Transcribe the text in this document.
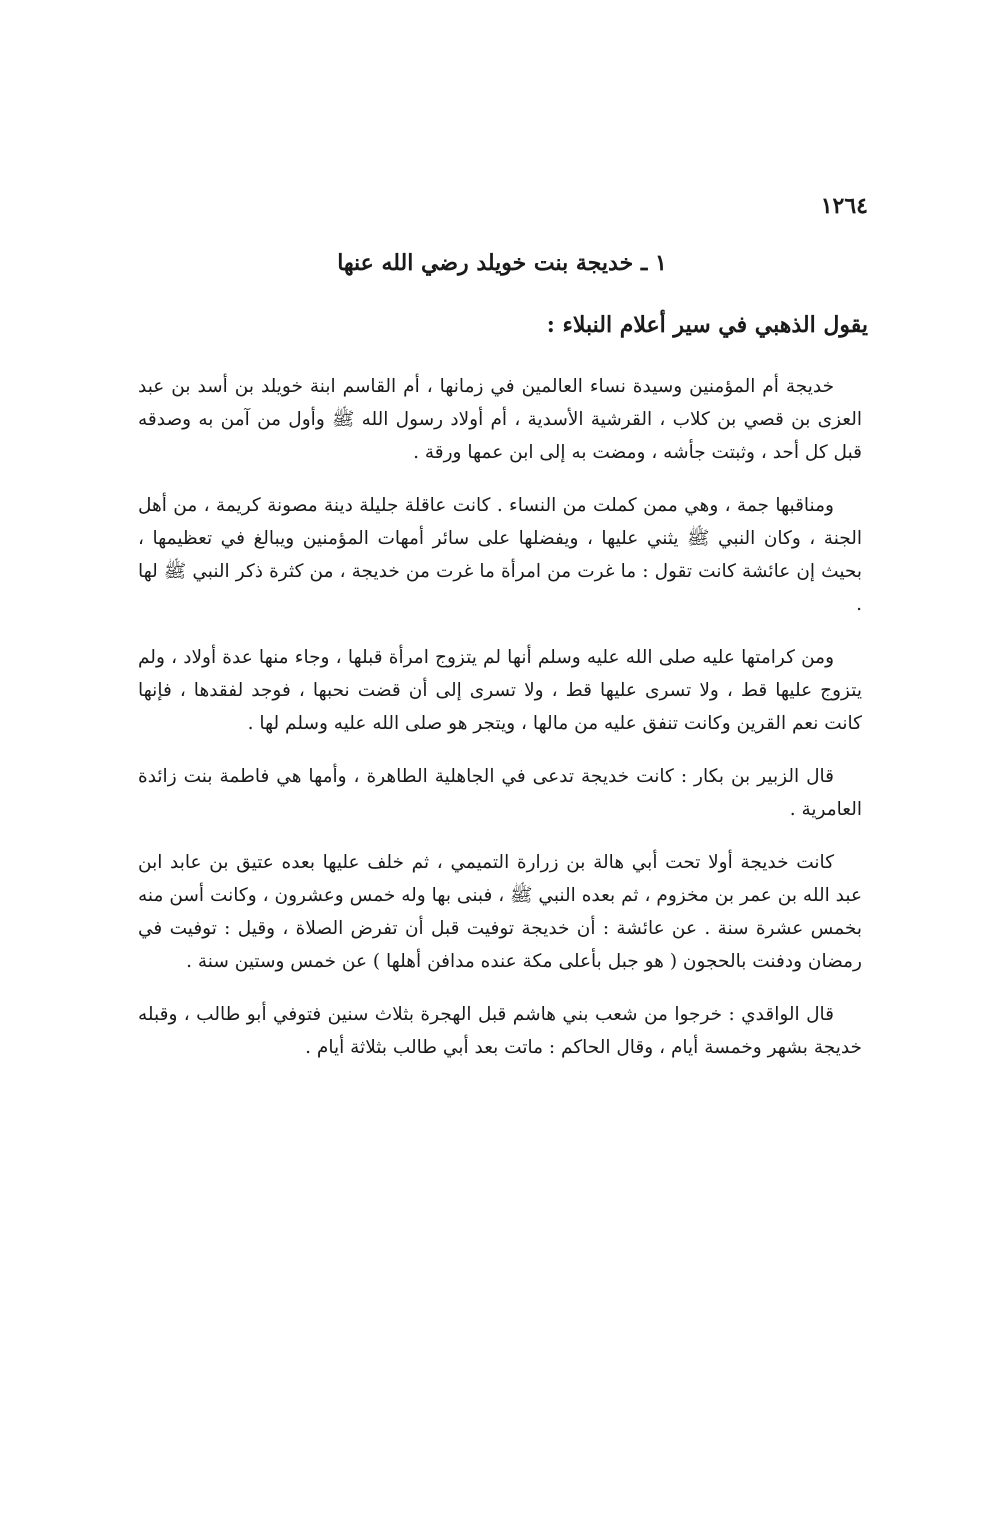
١٢٦٤
١ ـ خديجة بنت خويلد رضي الله عنها
يقول الذهبي في سير أعلام النبلاء :

خديجة أم المؤمنين وسيدة نساء العالمين في زمانها ، أم القاسم ابنة خويلد بن أسد بن عبد العزى بن قصي بن كلاب ، القرشية الأسدية ، أم أولاد رسول الله ﷺ وأول من آمن به وصدقه قبل كل أحد ، وثبتت جأشه ، ومضت به إلى ابن عمها ورقة .

ومناقبها جمة ، وهي ممن كملت من النساء . كانت عاقلة جليلة دينة مصونة كريمة ، من أهل الجنة ، وكان النبي ﷺ يثني عليها ، ويفضلها على سائر أمهات المؤمنين ويبالغ في تعظيمها ، بحيث إن عائشة كانت تقول : ما غرت من امرأة ما غرت من خديجة ، من كثرة ذكر النبي ﷺ لها .

ومن كرامتها عليه صلى الله عليه وسلم أنها لم يتزوج امرأة قبلها ، وجاء منها عدة أولاد ، ولم يتزوج عليها قط ، ولا تسرى عليها قط ، ولا تسرى إلى أن قضت نحبها ، فوجد لفقدها ، فإنها كانت نعم القرين وكانت تنفق عليه من مالها ، ويتجر هو صلى الله عليه وسلم لها .

قال الزبير بن بكار : كانت خديجة تدعى في الجاهلية الطاهرة ، وأمها هي فاطمة بنت زائدة العامرية .

كانت خديجة أولا تحت أبي هالة بن زرارة التميمي ، ثم خلف عليها بعده عتيق بن عابد ابن عبد الله بن عمر بن مخزوم ، ثم بعده النبي ﷺ ، فبنى بها وله خمس وعشرون ، وكانت أسن منه بخمس عشرة سنة . عن عائشة : أن خديجة توفيت قبل أن تفرض الصلاة ، وقيل : توفيت في رمضان ودفنت بالحجون ( هو جبل بأعلى مكة عنده مدافن أهلها ) عن خمس وستين سنة .

قال الواقدي : خرجوا من شعب بني هاشم قبل الهجرة بثلاث سنين فتوفي أبو طالب ، وقبله خديجة بشهر وخمسة أيام ، وقال الحاكم : ماتت بعد أبي طالب بثلاثة أيام .
